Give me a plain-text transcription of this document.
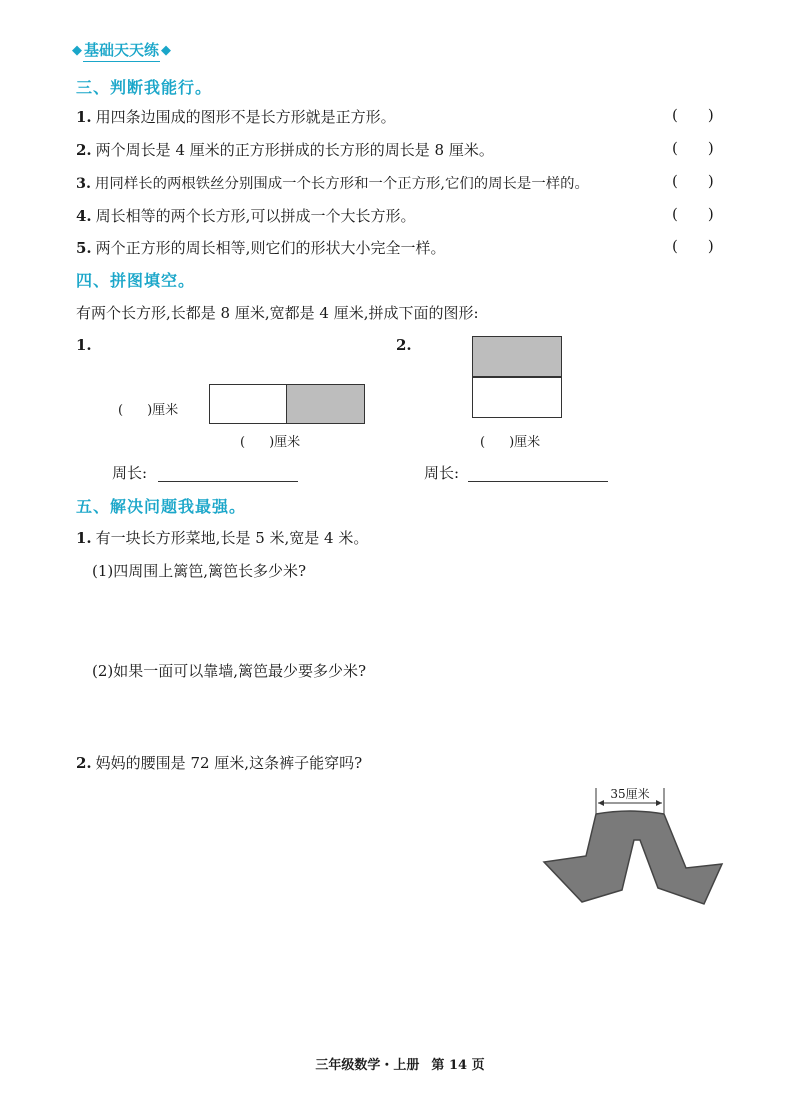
◆ 基础天天练 ◆
三、判断我能行。
1. 用四条边围成的图形不是长方形就是正方形。	( )
2. 两个周长是 4 厘米的正方形拼成的长方形的周长是 8 厘米。	( )
3. 用同样长的两根铁丝分别围成一个长方形和一个正方形,它们的周长是一样的。	( )
4. 周长相等的两个长方形,可以拼成一个大长方形。	( )
5. 两个正方形的周长相等,则它们的形状大小完全一样。	( )
四、拼图填空。
有两个长方形,长都是 8 厘米,宽都是 4 厘米,拼成下面的图形:
1.
( )厘米
( )厘米
周长:
2.
( )厘米
周长:
五、解决问题我最强。
1. 有一块长方形菜地,长是 5 米,宽是 4 米。
(1)四周围上篱笆,篱笆长多少米?
(2)如果一面可以靠墙,篱笆最少要多少米?
2. 妈妈的腰围是 72 厘米,这条裤子能穿吗?
35厘米
三年级数学・上册 第 14 页
